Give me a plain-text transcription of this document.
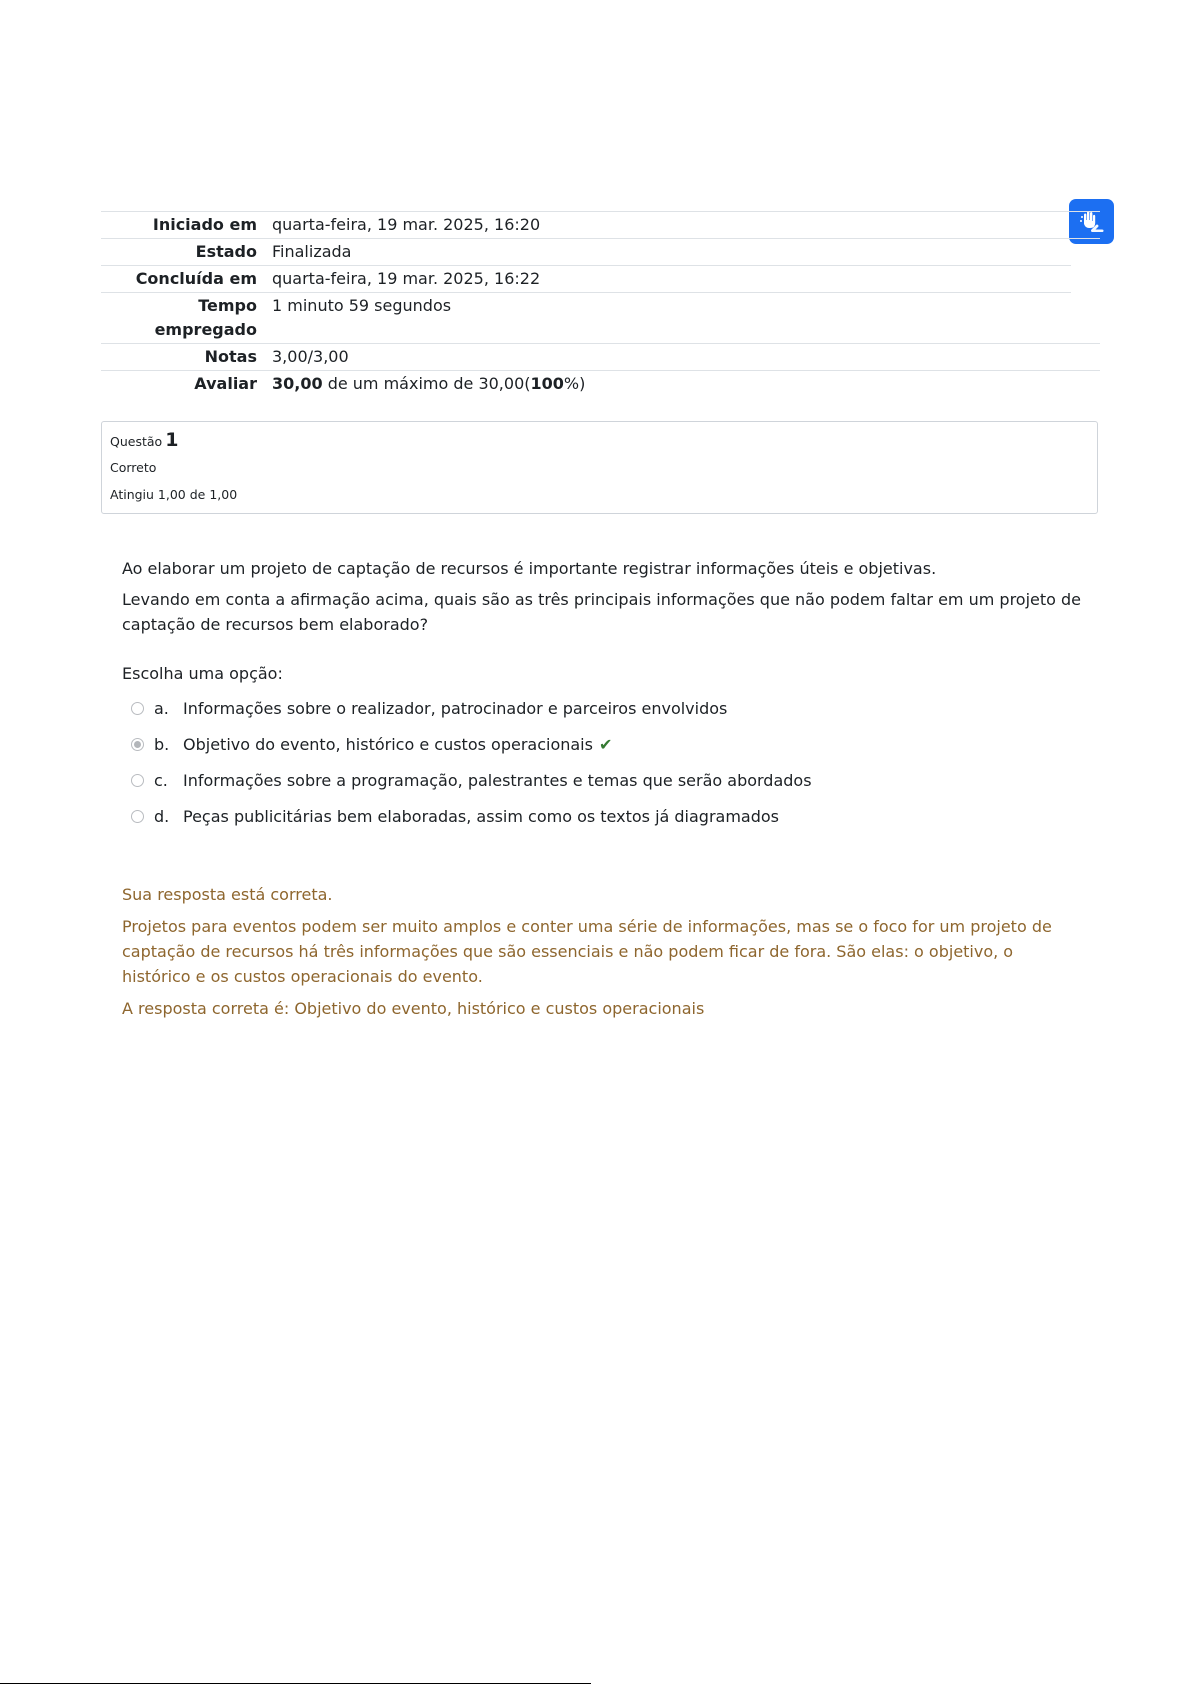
Iniciado em quarta-feira, 19 mar. 2025, 16:20
Estado Finalizada
Concluída em quarta-feira, 19 mar. 2025, 16:22
Tempo
empregado
1 minuto 59 segundos
Notas 3,00/3,00
Avaliar 30,00 de um máximo de 30,00(100%)
Questão 1
Correto
Atingiu 1,00 de 1,00

Ao elaborar um projeto de captação de recursos é importante registrar informações úteis e objetivas.

Levando em conta a afirmação acima, quais são as três principais informações que não podem faltar em um projeto de captação de recursos bem elaborado?

Escolha uma opção:
a. Informações sobre o realizador, patrocinador e parceiros envolvidos
b. Objetivo do evento, histórico e custos operacionais ✔
c. Informações sobre a programação, palestrantes e temas que serão abordados
d. Peças publicitárias bem elaboradas, assim como os textos já diagramados

Sua resposta está correta.

Projetos para eventos podem ser muito amplos e conter uma série de informações, mas se o foco for um projeto de captação de recursos há três informações que são essenciais e não podem ficar de fora. São elas: o objetivo, o histórico e os custos operacionais do evento.

A resposta correta é: Objetivo do evento, histórico e custos operacionais
